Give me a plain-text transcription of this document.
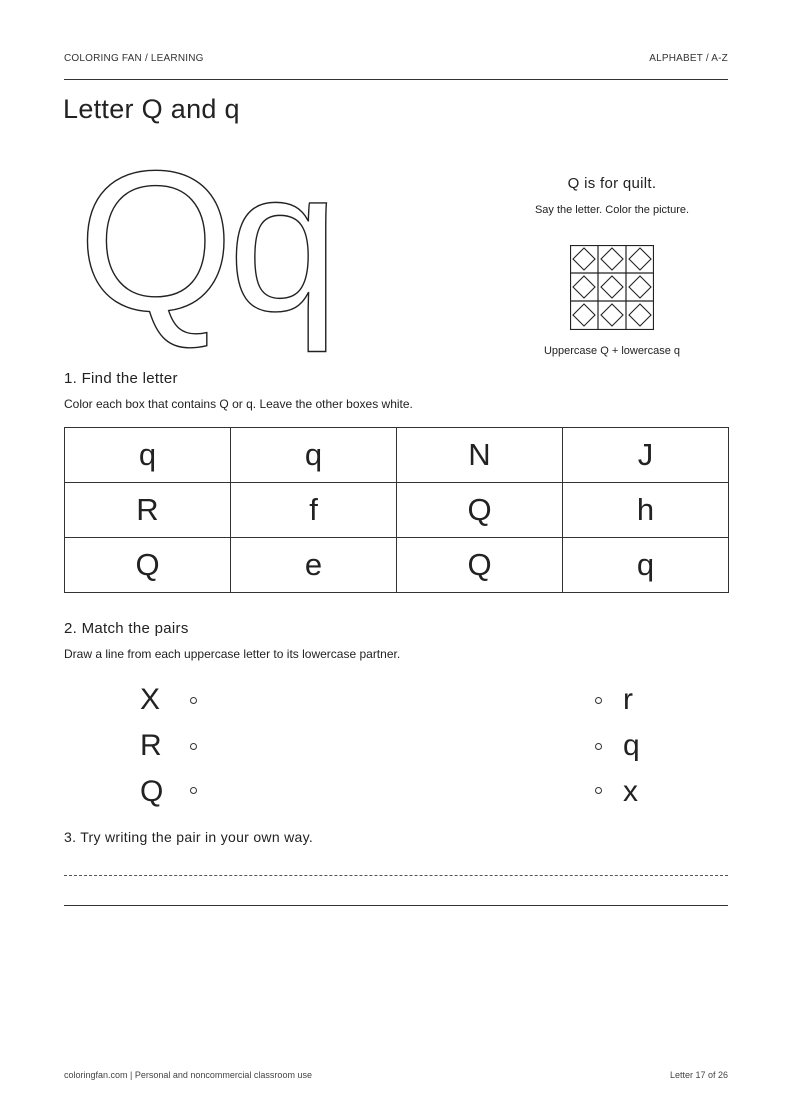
COLORING FAN / LEARNING	ALPHABET / A-Z
Letter Q and q
Q
q	Q is for quilt.
Say the letter. Color the picture.
Uppercase Q + lowercase q
1. Find the letter
Color each box that contains Q or q. Leave the other boxes white.
q	q	N	J
R	f	Q	h
Q	e	Q	q
2. Match the pairs
Draw a line from each uppercase letter to its lowercase partner.
X
R
Q
r
q
x
3. Try writing the pair in your own way.
coloringfan.com | Personal and noncommercial classroom use	Letter 17 of 26
